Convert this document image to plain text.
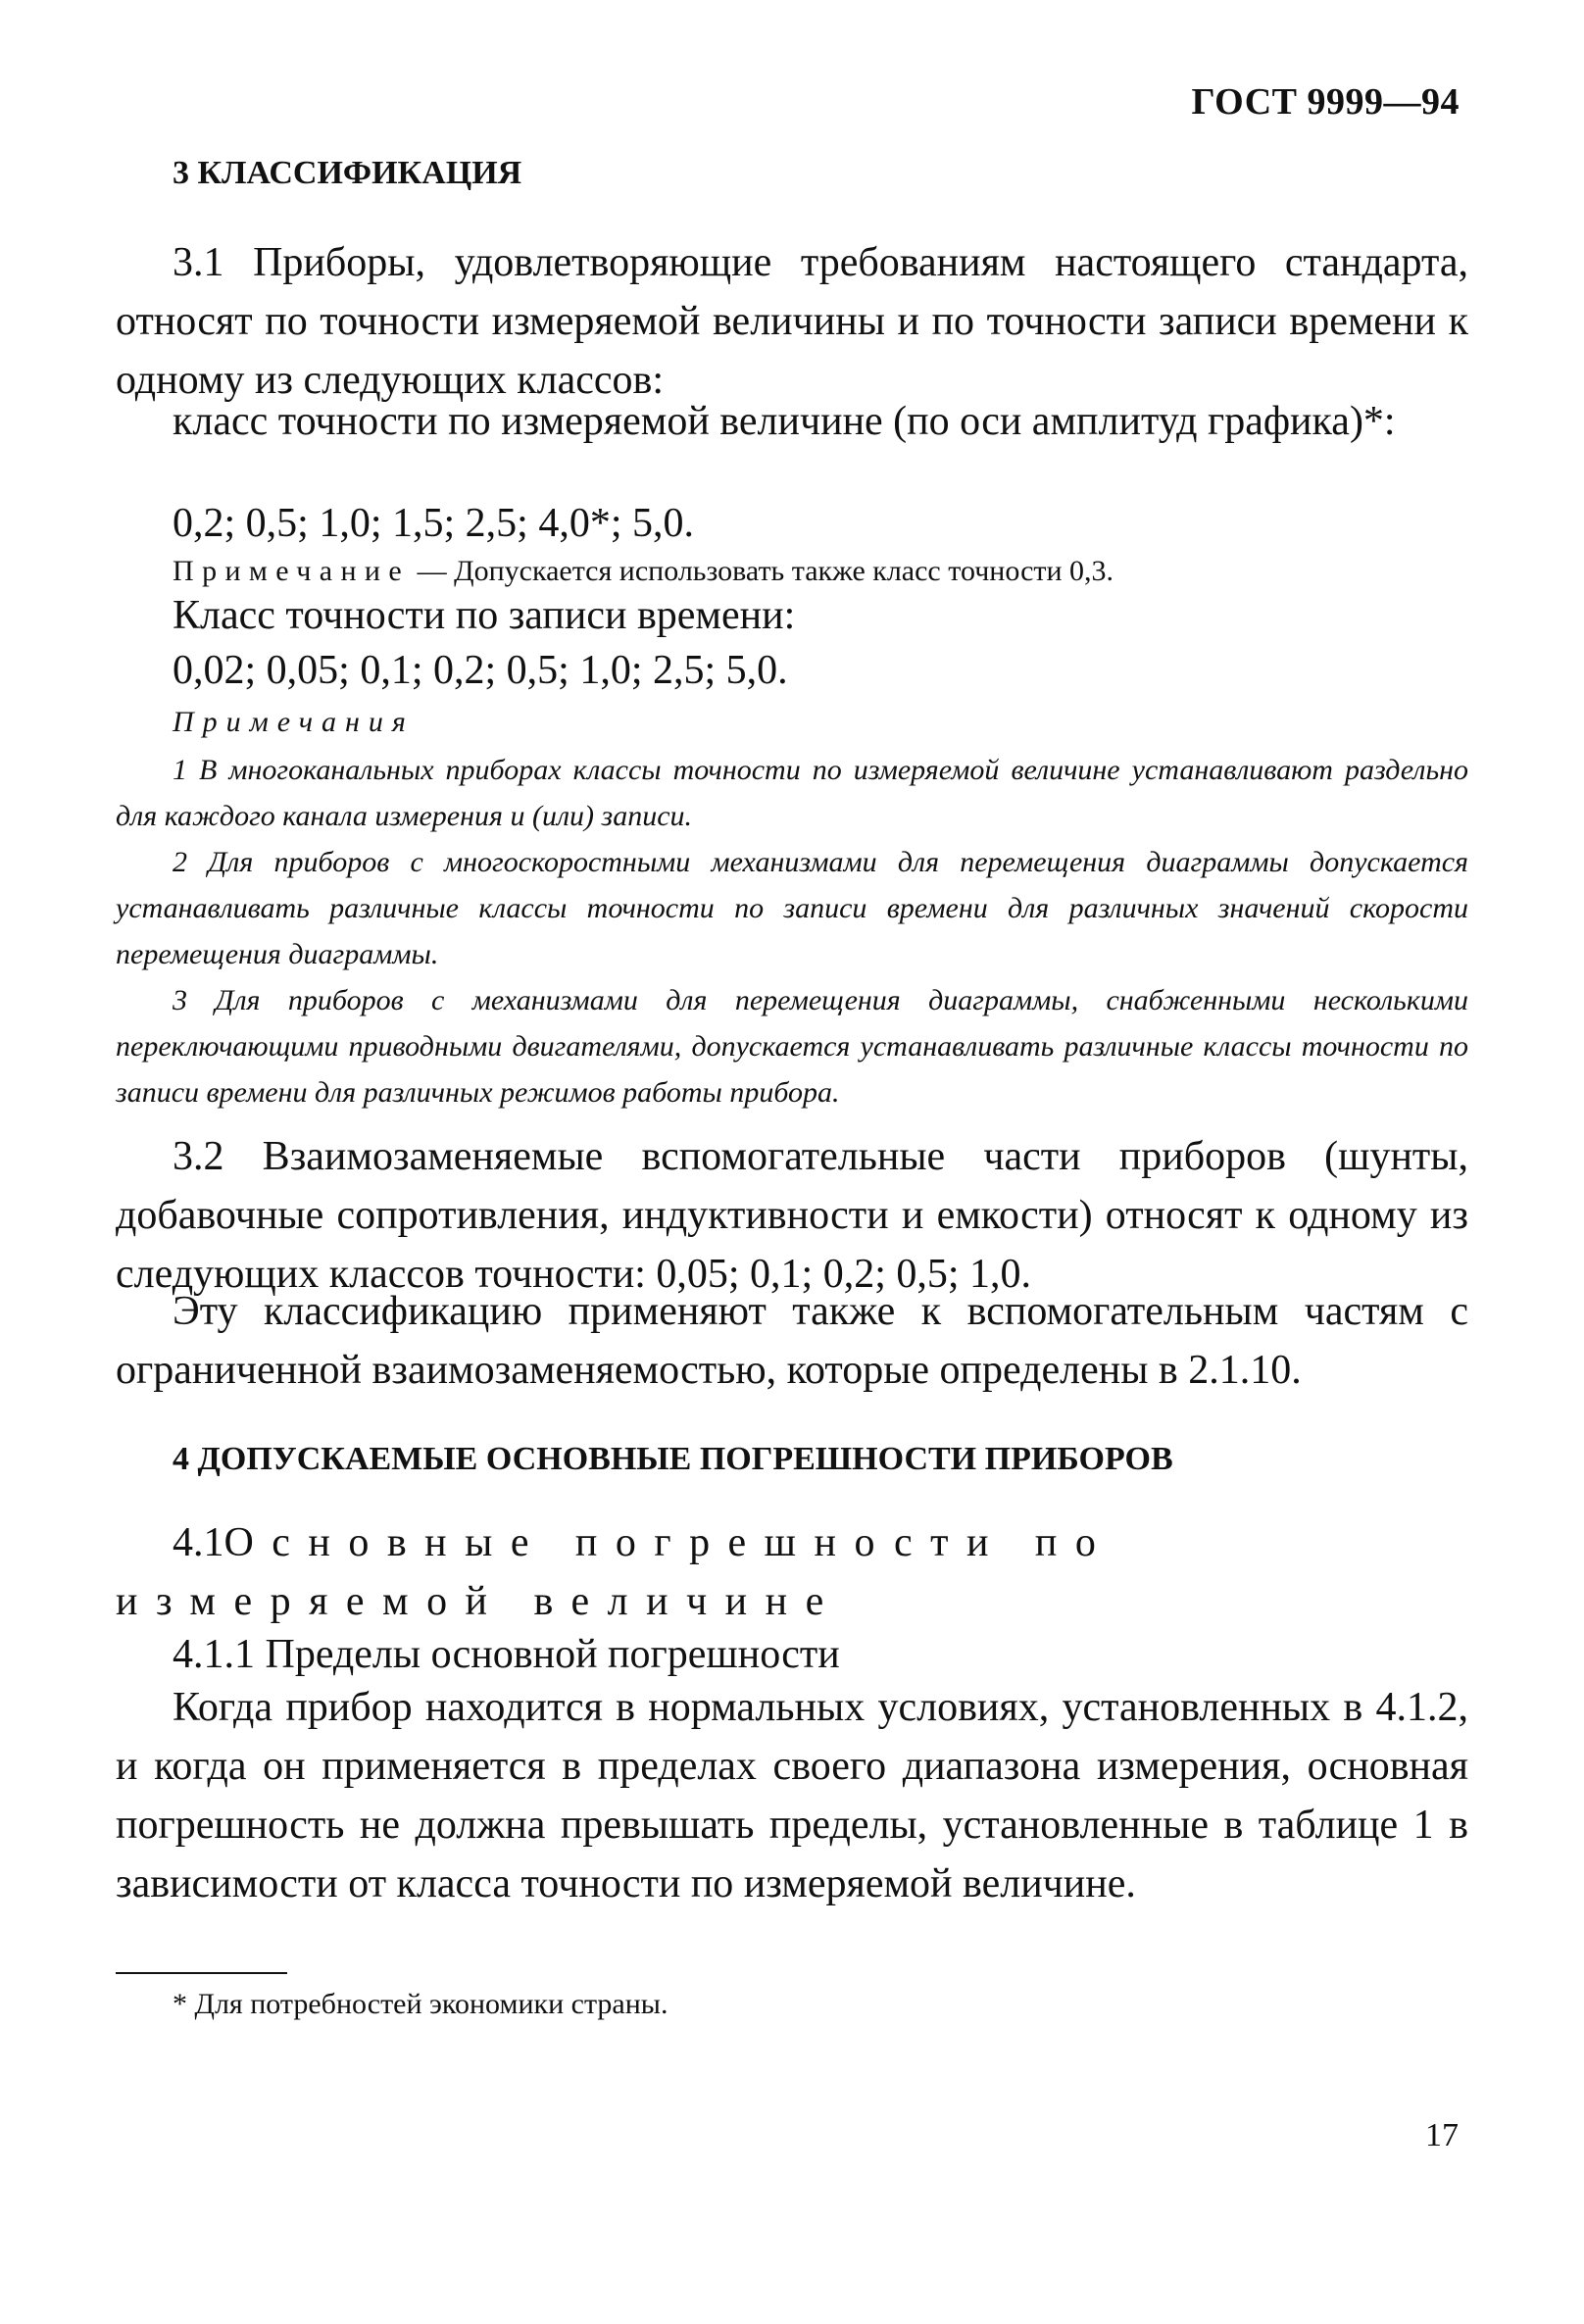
ГОСТ 9999—94
3 КЛАССИФИКАЦИЯ
3.1 Приборы, удовлетворяющие требованиям настоящего стандарта, относят по точности измеряемой величины и по точности записи времени к одному из следующих классов:
класс точности по измеряемой величине (по оси амплитуд графика)*:
0,2; 0,5; 1,0; 1,5; 2,5; 4,0*; 5,0.
Примечание — Допускается использовать также класс точности 0,3.
Класс точности по записи времени:
0,02; 0,05; 0,1; 0,2; 0,5; 1,0; 2,5; 5,0.
Примечания
1 В многоканальных приборах классы точности по измеряемой величине устанавливают раздельно для каждого канала измерения и (или) записи.
2 Для приборов с многоскоростными механизмами для перемещения диаграммы допускается устанавливать различные классы точности по записи времени для различных значений скорости перемещения диаграммы.
3 Для приборов с механизмами для перемещения диаграммы, снабженными несколькими переключающими приводными двигателями, допускается устанавливать различные классы точности по записи времени для различных режимов работы прибора.
3.2 Взаимозаменяемые вспомогательные части приборов (шунты, добавочные сопротивления, индуктивности и емкости) относят к одному из следующих классов точности: 0,05; 0,1; 0,2; 0,5; 1,0.
Эту классификацию применяют также к вспомогательным частям с ограниченной взаимозаменяемостью, которые определены в 2.1.10.
4 ДОПУСКАЕМЫЕ ОСНОВНЫЕ ПОГРЕШНОСТИ ПРИБОРОВ
4.1Основные погрешности по измеряемой величине
4.1.1 Пределы основной погрешности
Когда прибор находится в нормальных условиях, установленных в 4.1.2, и когда он применяется в пределах своего диапазона измерения, основная погрешность не должна превышать пределы, установленные в таблице 1 в зависимости от класса точности по измеряемой величине.
* Для потребностей экономики страны.
17
